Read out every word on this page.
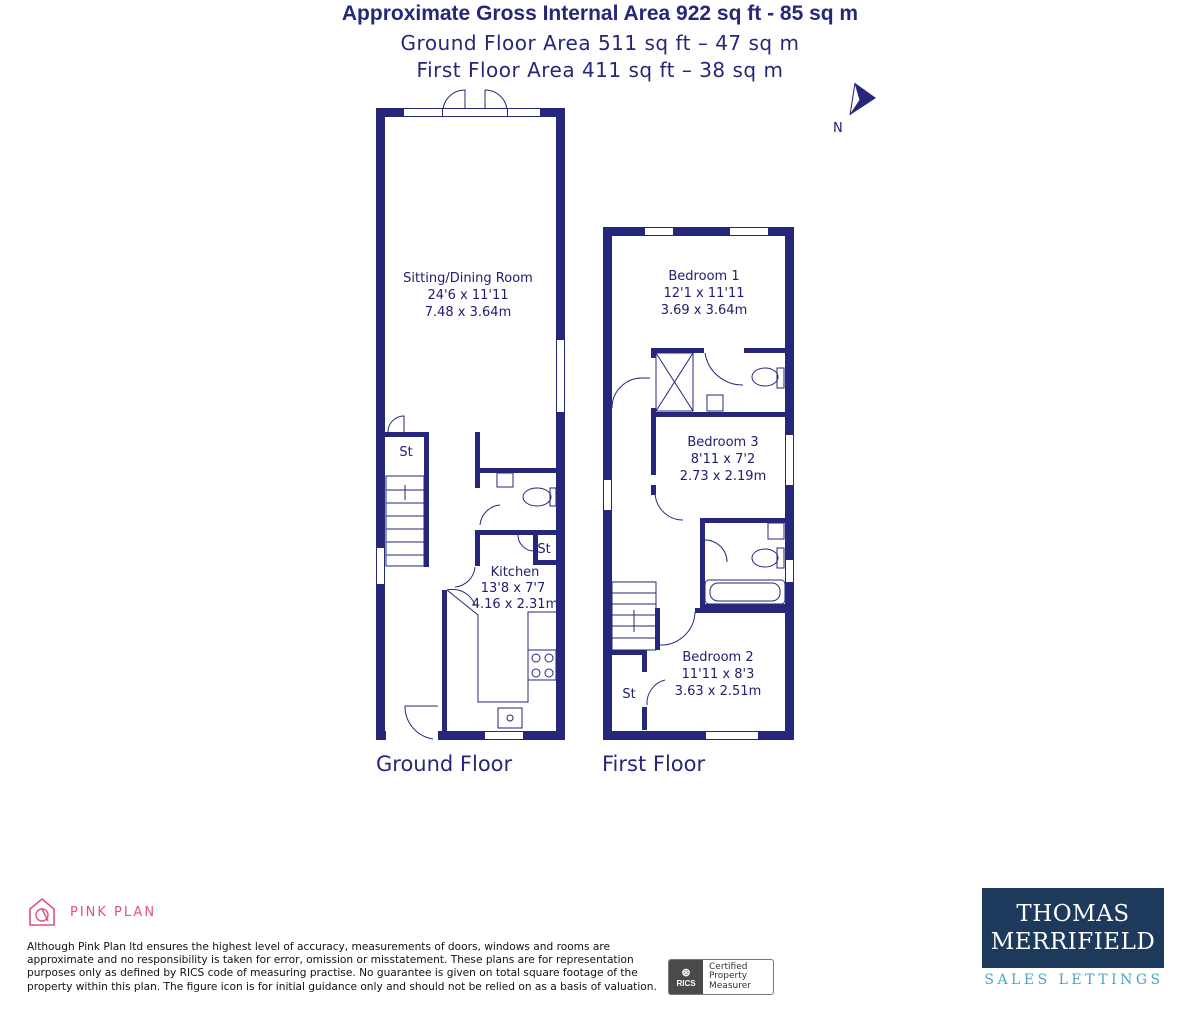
Approximate Gross Internal Area 922 sq ft - 85 sq m
Ground Floor Area 511 sq ft – 47 sq m
First Floor Area 411 sq ft – 38 sq m
N
Sitting/Dining Room
24'6 x 11'11
7.48 x 3.64m
St
St
Kitchen
13'8 x 7'7
4.16 x 2.31m
Bedroom 1
12'1 x 11'11
3.69 x 3.64m
Bedroom 3
8'11 x 7'2
2.73 x 2.19m
Bedroom 2
11'11 x 8'3
3.63 x 2.51m
St
Ground Floor	First Floor
PINK PLAN
Although Pink Plan ltd ensures the highest level of accuracy, measurements of doors, windows and rooms are approximate and no responsibility is taken for error, omission or misstatement. These plans are for representation purposes only as defined by RICS code of measuring practise. No guarantee is given on total square footage of the property within this plan. The figure icon is for initial guidance only and should not be relied on as a basis of valuation.
⊛
RICS
Certified
Property
Measurer
THOMAS
MERRIFIELD
SALES LETTINGS
